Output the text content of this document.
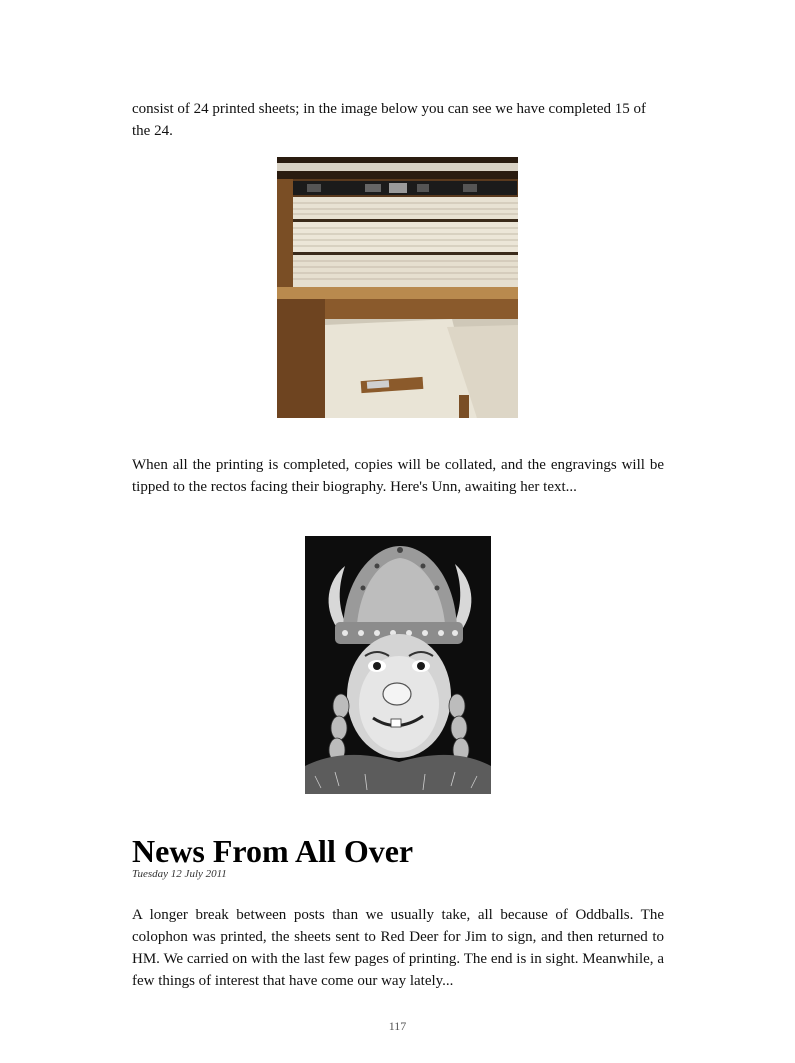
consist of 24 printed sheets; in the image below you can see we have completed 15 of the 24.

When all the printing is completed, copies will be collated, and the engravings will be tipped to the rectos facing their biography. Here's Unn, awaiting her text...

News From All Over
Tuesday 12 July 2011

A longer break between posts than we usually take, all because of Oddballs. The colophon was printed, the sheets sent to Red Deer for Jim to sign, and then returned to HM. We carried on with the last few pages of printing. The end is in sight. Meanwhile, a few things of interest that have come our way lately...

117
